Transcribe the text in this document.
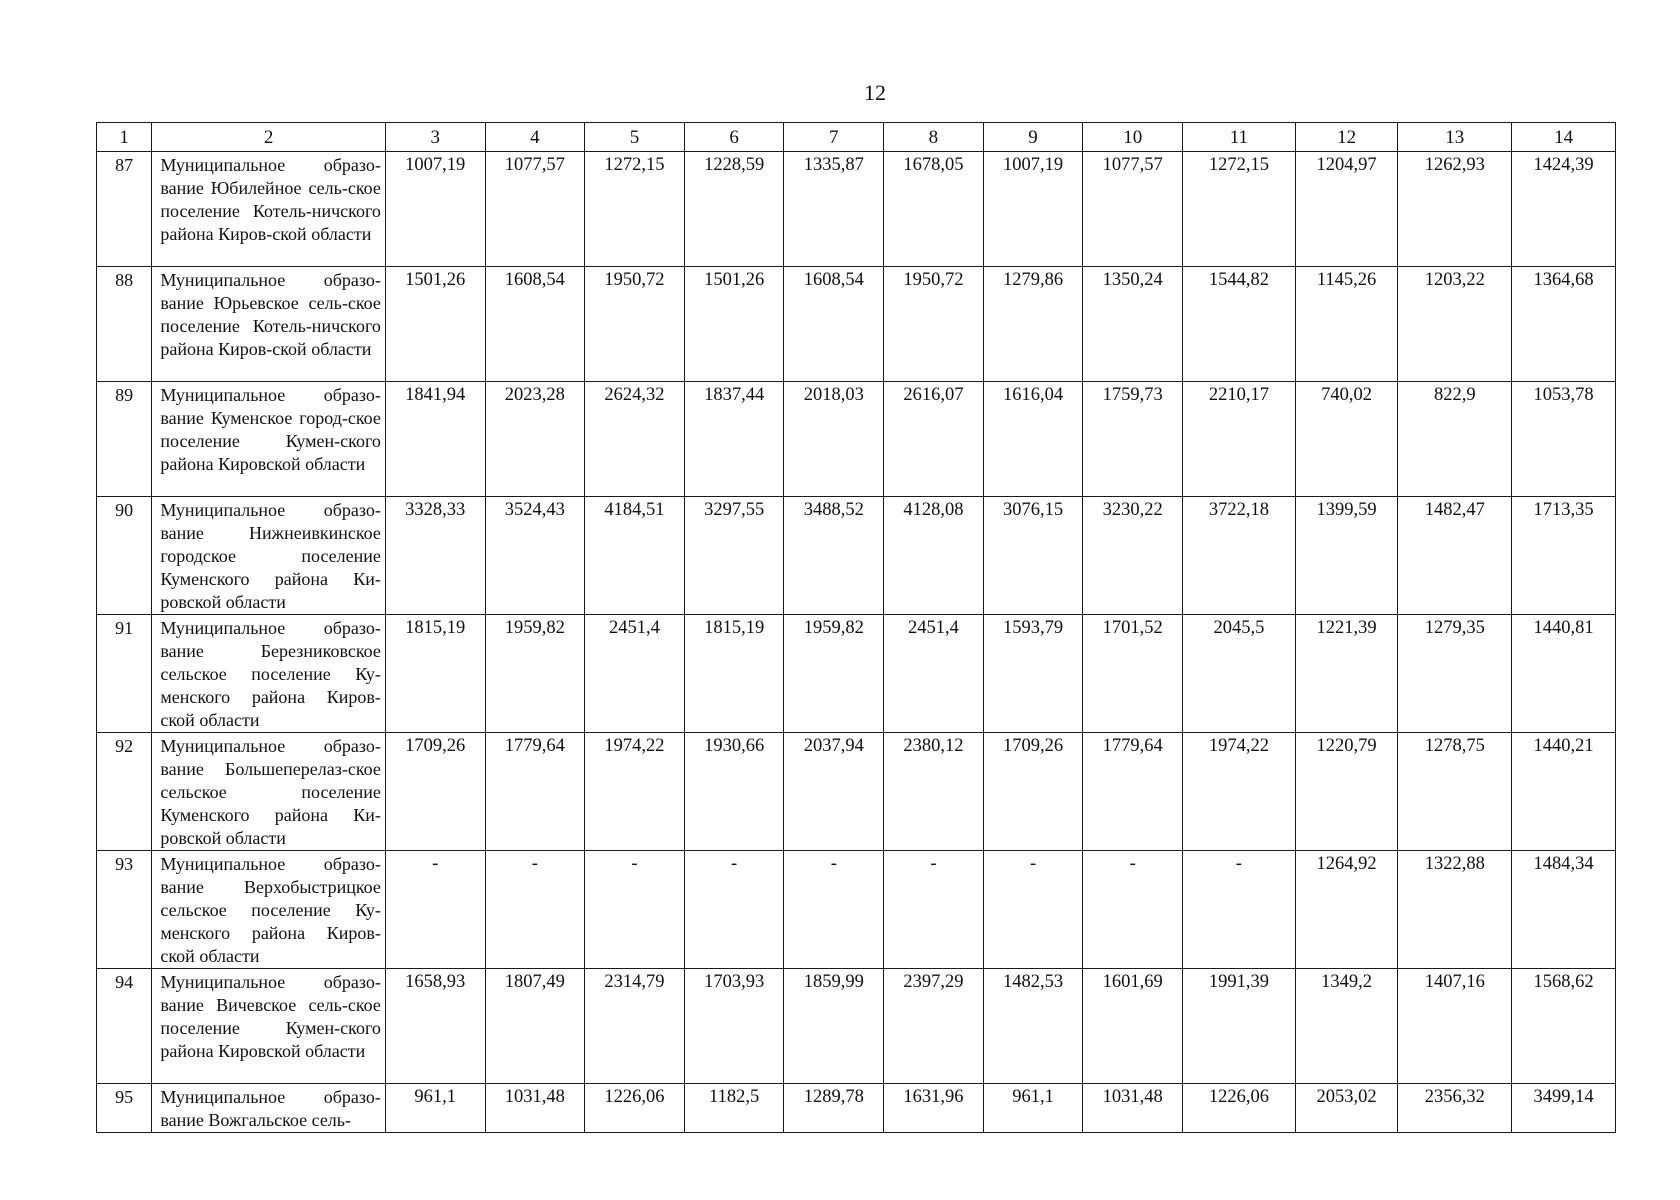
12
1	2	3	4	5	6	7	8	9	10	11	12	13	14
87	Муниципальное образо-вание Юбилейное сель-ское поселение Котель-ничского района Киров-ской области	1007,19	1077,57	1272,15	1228,59	1335,87	1678,05	1007,19	1077,57	1272,15	1204,97	1262,93	1424,39
88	Муниципальное образо-вание Юрьевское сель-ское поселение Котель-ничского района Киров-ской области	1501,26	1608,54	1950,72	1501,26	1608,54	1950,72	1279,86	1350,24	1544,82	1145,26	1203,22	1364,68
89	Муниципальное образо-вание Куменское город-ское поселение Кумен-ского района Кировской области	1841,94	2023,28	2624,32	1837,44	2018,03	2616,07	1616,04	1759,73	2210,17	740,02	822,9	1053,78
90	Муниципальное образо-вание Нижнеивкинское городское поселение Куменского района Ки-ровской области	3328,33	3524,43	4184,51	3297,55	3488,52	4128,08	3076,15	3230,22	3722,18	1399,59	1482,47	1713,35
91	Муниципальное образо-вание Березниковское сельское поселение Ку-менского района Киров-ской области	1815,19	1959,82	2451,4	1815,19	1959,82	2451,4	1593,79	1701,52	2045,5	1221,39	1279,35	1440,81
92	Муниципальное образо-вание Большеперелаз-ское сельское поселение Куменского района Ки-ровской области	1709,26	1779,64	1974,22	1930,66	2037,94	2380,12	1709,26	1779,64	1974,22	1220,79	1278,75	1440,21
93	Муниципальное образо-вание Верхобыстрицкое сельское поселение Ку-менского района Киров-ской области	-	-	-	-	-	-	-	-	-	1264,92	1322,88	1484,34
94	Муниципальное образо-вание Вичевское сель-ское поселение Кумен-ского района Кировской области	1658,93	1807,49	2314,79	1703,93	1859,99	2397,29	1482,53	1601,69	1991,39	1349,2	1407,16	1568,62
95	Муниципальное образо-вание Вожгальское сель-	961,1	1031,48	1226,06	1182,5	1289,78	1631,96	961,1	1031,48	1226,06	2053,02	2356,32	3499,14
